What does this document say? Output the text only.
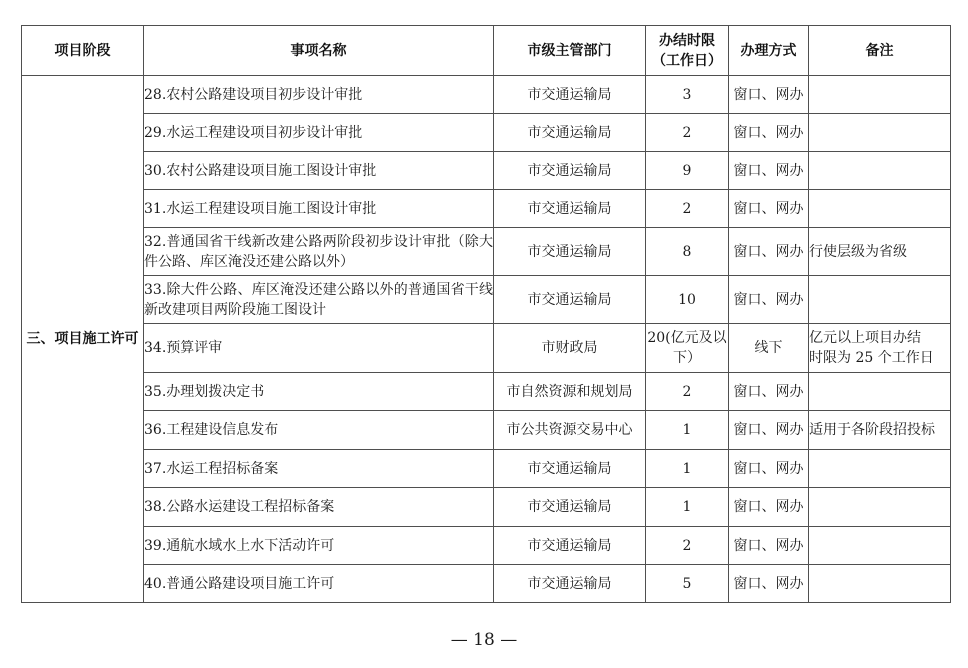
项目阶段	事项名称	市级主管部门	办结时限（工作日）	办理方式	备注
三、项目施工许可	28.农村公路建设项目初步设计审批	市交通运输局	3	窗口、网办	
	29.水运工程建设项目初步设计审批	市交通运输局	2	窗口、网办	
	30.农村公路建设项目施工图设计审批	市交通运输局	9	窗口、网办	
	31.水运工程建设项目施工图设计审批	市交通运输局	2	窗口、网办	
	32.普通国省干线新改建公路两阶段初步设计审批（除大件公路、库区淹没还建公路以外）	市交通运输局	8	窗口、网办	行使层级为省级
	33.除大件公路、库区淹没还建公路以外的普通国省干线新改建项目两阶段施工图设计	市交通运输局	10	窗口、网办	
	34.预算评审	市财政局	20(亿元及以下）	线下	亿元以上项目办结
时限为 25 个工作日
	35.办理划拨决定书	市自然资源和规划局	2	窗口、网办	
	36.工程建设信息发布	市公共资源交易中心	1	窗口、网办	适用于各阶段招投标
	37.水运工程招标备案	市交通运输局	1	窗口、网办	
	38.公路水运建设工程招标备案	市交通运输局	1	窗口、网办	
	39.通航水域水上水下活动许可	市交通运输局	2	窗口、网办	
	40.普通公路建设项目施工许可	市交通运输局	5	窗口、网办	
— 18 —
